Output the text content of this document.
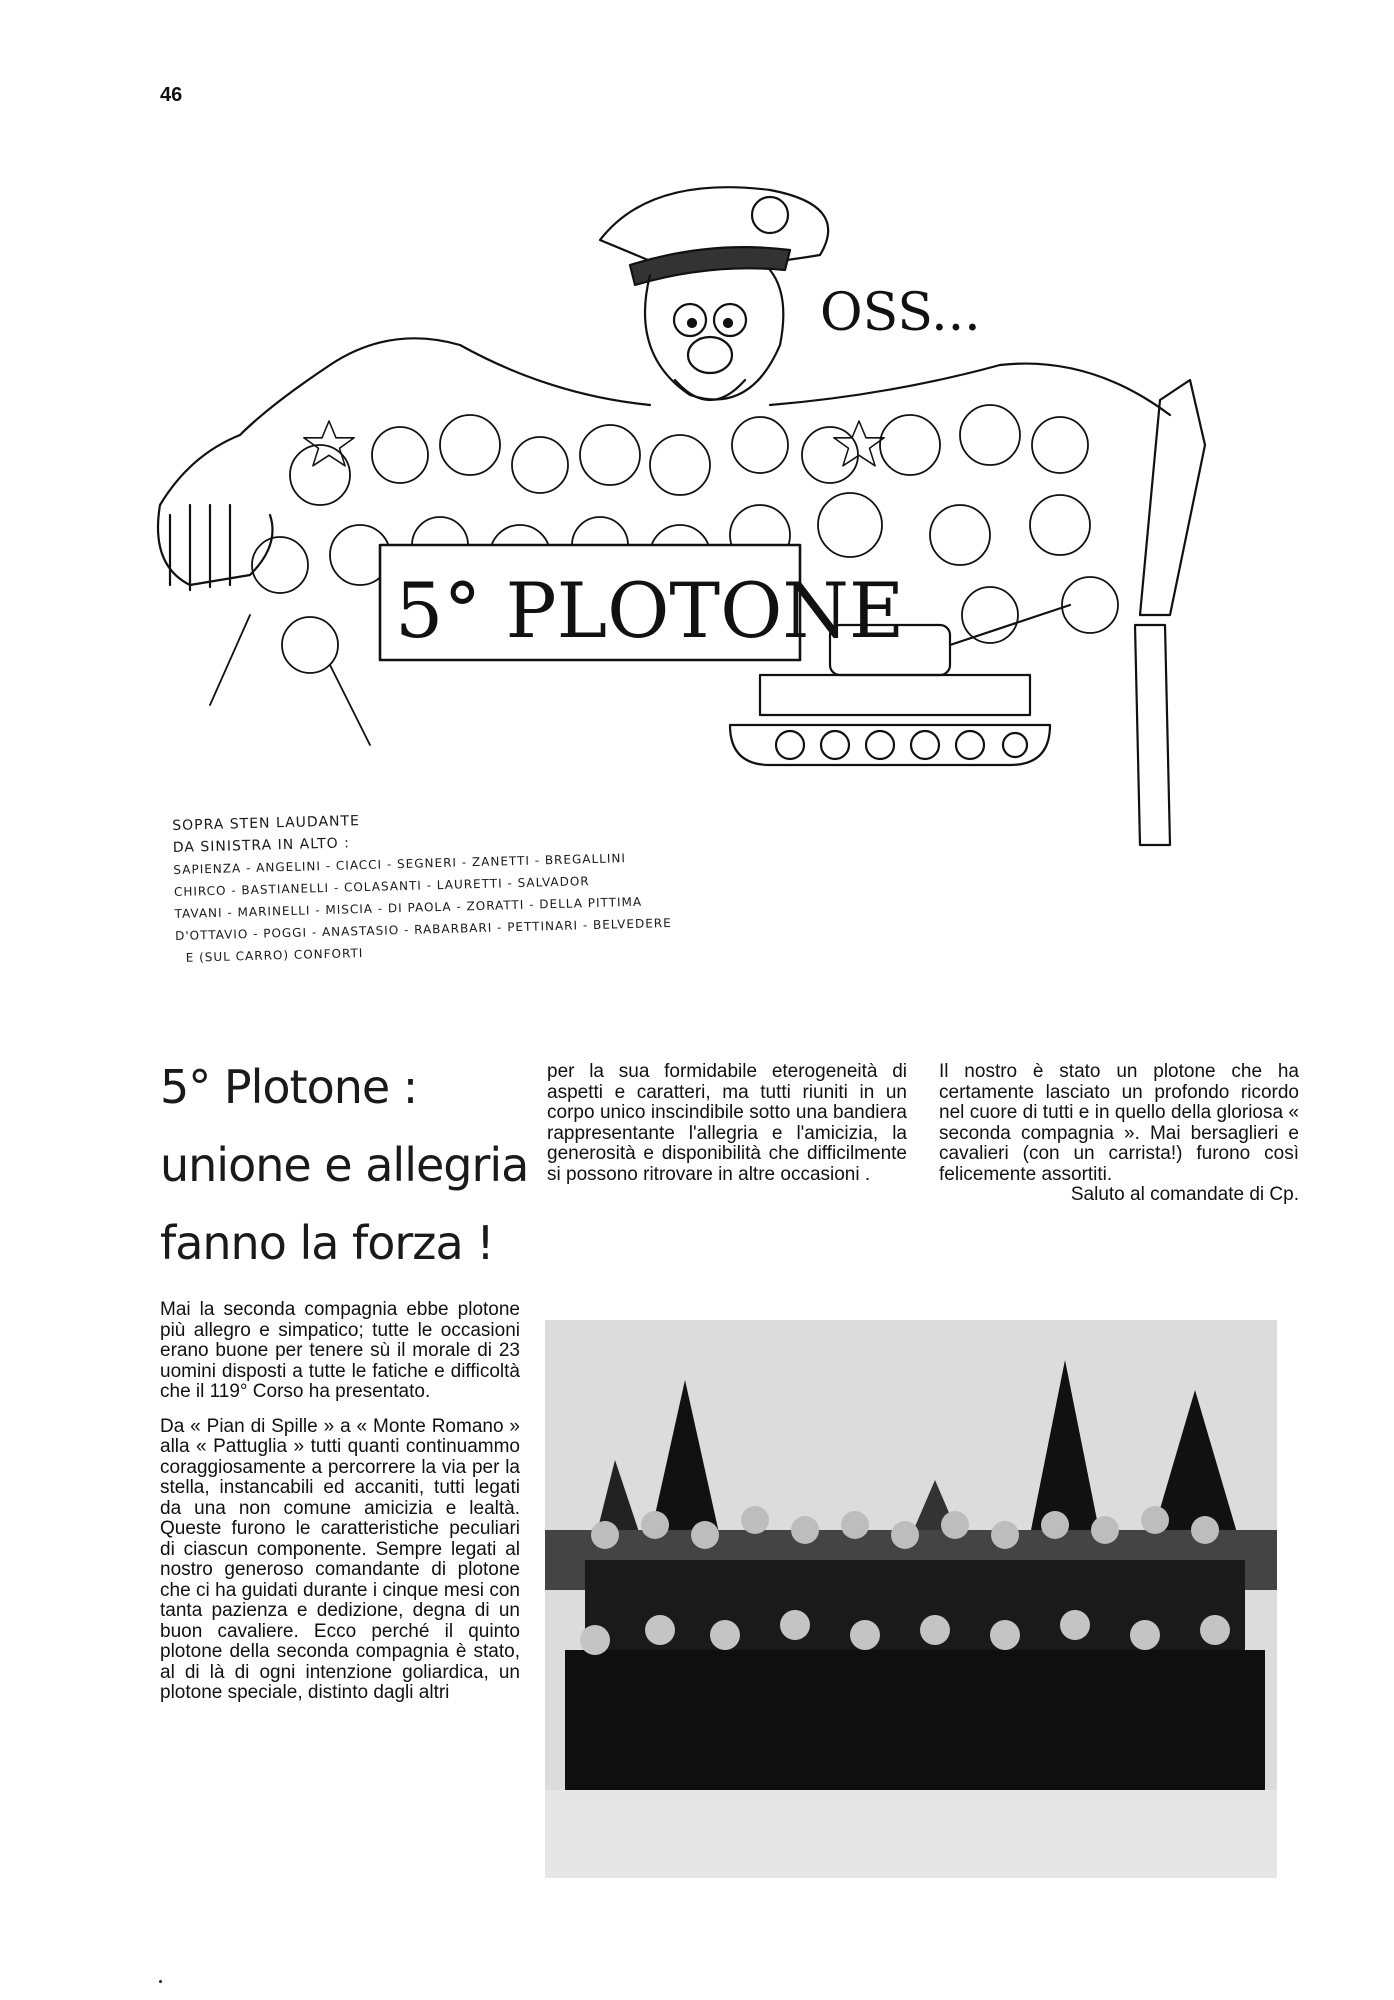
46
OSS...
5° PLOTONE
SOPRA STEN LAUDANTE
DA SINISTRA IN ALTO :
SAPIENZA - ANGELINI - CIACCI - SEGNERI - ZANETTI - BREGALLINI
CHIRCO - BASTIANELLI - COLASANTI - LAURETTI - SALVADOR
TAVANI - MARINELLI - MISCIA - DI PAOLA - ZORATTI - DELLA PITTIMA
D'OTTAVIO - POGGI - ANASTASIO - RABARBARI - PETTINARI - BELVEDERE
E (SUL CARRO) CONFORTI
5° Plotone :
unione e allegria
fanno la forza !

per la sua formidabile eterogeneità di aspetti e caratteri, ma tutti riuniti in un corpo unico inscindibile sotto una bandiera rappresentante l'allegria e l'amicizia, la generosità e disponibilità che difficilmente si possono ritrovare in altre occasioni .

Il nostro è stato un plotone che ha certamente lasciato un profondo ricordo nel cuore di tutti e in quello della gloriosa « seconda compagnia ». Mai bersaglieri e cavalieri (con un carrista!) furono così felicemente assortiti.

Saluto al comandate di Cp.

Mai la seconda compagnia ebbe plotone più allegro e simpatico; tutte le occasioni erano buone per tenere sù il morale di 23 uomini disposti a tutte le fatiche e difficoltà che il 119° Corso ha presentato.

Da « Pian di Spille » a « Monte Romano » alla « Pattuglia » tutti quanti continuammo coraggiosamente a percorrere la via per la stella, instancabili ed accaniti, tutti legati da una non comune amicizia e lealtà. Queste furono le caratteristiche peculiari di ciascun componente. Sempre legati al nostro generoso comandante di plotone che ci ha guidati durante i cinque mesi con tanta pazienza e dedizione, degna di un buon cavaliere. Ecco perché il quinto plotone della seconda compagnia è stato, al di là di ogni intenzione goliardica, un plotone speciale, distinto dagli altri
